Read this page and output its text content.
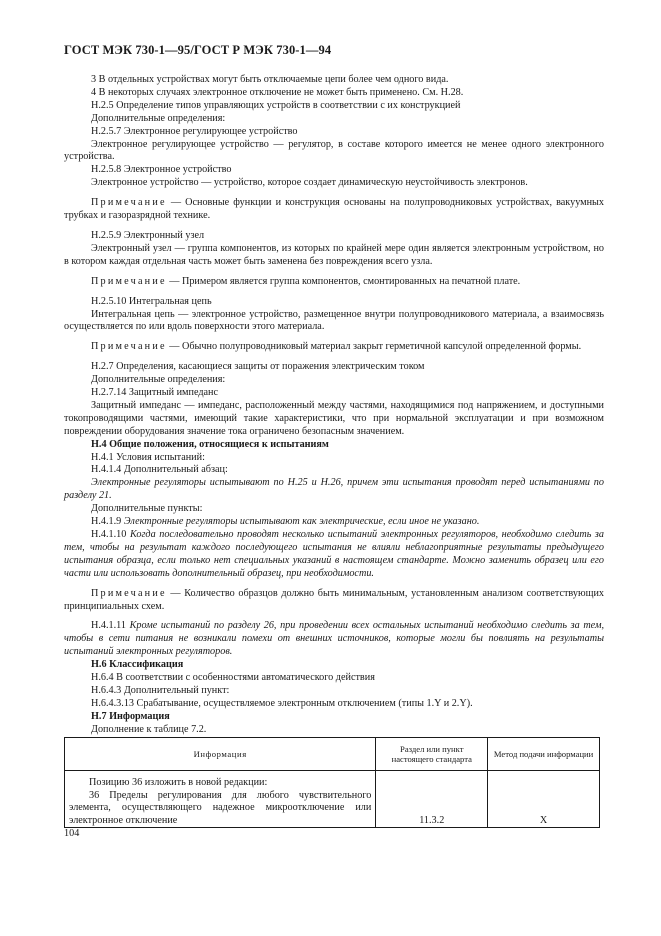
ГОСТ МЭК 730-1—95/ГОСТ Р МЭК 730-1—94

3 В отдельных устройствах могут быть отключаемые цепи более чем одного вида.

4 В некоторых случаях электронное отключение не может быть применено. См. Н.28.

Н.2.5 Определение типов управляющих устройств в соответствии с их конструкцией

Дополнительные определения:

Н.2.5.7 Электронное регулирующее устройство

Электронное регулирующее устройство — регулятор, в составе которого имеется не менее одного электронного устройства.

Н.2.5.8 Электронное устройство

Электронное устройство — устройство, которое создает динамическую неустойчивость электронов.

Примечание — Основные функции и конструкция основаны на полупроводниковых устройствах, вакуумных трубках и газоразрядной технике.

Н.2.5.9 Электронный узел

Электронный узел — группа компонентов, из которых по крайней мере один является электронным устройством, но в котором каждая отдельная часть может быть заменена без повреждения всего узла.

Примечание — Примером является группа компонентов, смонтированных на печатной плате.

Н.2.5.10 Интегральная цепь

Интегральная цепь — электронное устройство, размещенное внутри полупроводникового материала, а взаимосвязь осуществляется по или вдоль поверхности этого материала.

Примечание — Обычно полупроводниковый материал закрыт герметичной капсулой определенной формы.

Н.2.7 Определения, касающиеся защиты от поражения электрическим током

Дополнительные определения:

Н.2.7.14 Защитный импеданс

Защитный импеданс — импеданс, расположенный между частями, находящимися под напряжением, и доступными токопроводящими частями, имеющий такие характеристики, что при нормальной эксплуатации и при возможном повреждении оборудования значение тока ограничено безопасным значением.

Н.4 Общие положения, относящиеся к испытаниям

Н.4.1 Условия испытаний:

Н.4.1.4 Дополнительный абзац:

Электронные регуляторы испытывают по Н.25 и Н.26, причем эти испытания проводят перед испытаниями по разделу 21.

Дополнительные пункты:

Н.4.1.9 Электронные регуляторы испытывают как электрические, если иное не указано.

Н.4.1.10 Когда последовательно проводят несколько испытаний электронных регуляторов, необходимо следить за тем, чтобы на результат каждого последующего испытания не влияли неблагоприятные результаты предыдущего испытания образца, если только нет специальных указаний в настоящем стандарте. Можно заменить образец или его части или использовать дополнительный образец, при необходимости.

Примечание — Количество образцов должно быть минимальным, установленным анализом соответствующих принципиальных схем.

Н.4.1.11 Кроме испытаний по разделу 26, при проведении всех остальных испытаний необходимо следить за тем, чтобы в сети питания не возникали помехи от внешних источников, которые могли бы повлиять на результаты испытаний электронных регуляторов.

Н.6 Классификация

Н.6.4 В соответствии с особенностями автоматического действия

Н.6.4.3 Дополнительный пункт:

Н.6.4.3.13 Срабатывание, осуществляемое электронным отключением (типы 1.Y и 2.Y).

Н.7 Информация

Дополнение к таблице 7.2.

Информация	Раздел или пункт настоящего стандарта	Метод подачи информации

Позицию 36 изложить в новой редакции:

36 Пределы регулирования для любого чувствительного элемента, осуществляющего надежное микроотключение или электронное отключение	11.3.2	X
104
